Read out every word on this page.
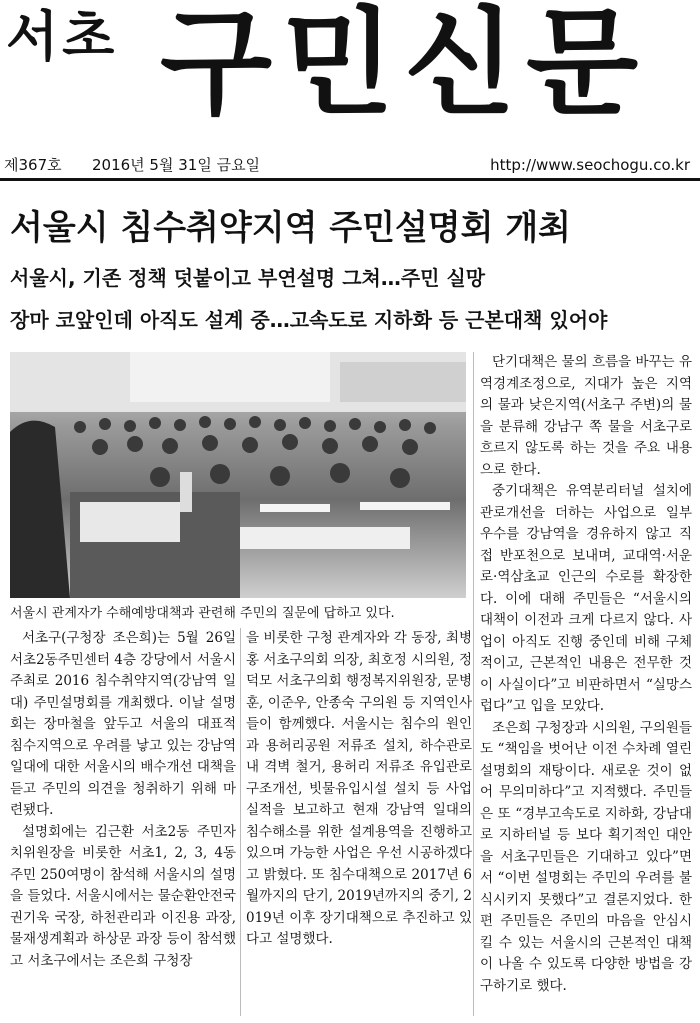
서초 구민신문
제367호 2016년 5월 31일 금요일	http://www.seochogu.co.kr
서울시 침수취약지역 주민설명회 개최
서울시, 기존 정책 덧붙이고 부연설명 그쳐…주민 실망
장마 코앞인데 아직도 설계 중…고속도로 지하화 등 근본대책 있어야
서울시 관계자가 수해예방대책과 관련해 주민의 질문에 답하고 있다.

서초구(구청장 조은희)는 5월 26일 서초2동주민센터 4층 강당에서 서울시 주최로 2016 침수취약지역(강남역 일대) 주민설명회를 개최했다. 이날 설명회는 장마철을 앞두고 서울의 대표적 침수지역으로 우려를 낳고 있는 강남역 일대에 대한 서울시의 배수개선 대책을 듣고 주민의 의견을 청취하기 위해 마련됐다.

설명회에는 김근환 서초2동 주민자치위원장을 비롯한 서초1, 2, 3, 4동 주민 250여명이 참석해 서울시의 설명을 들었다. 서울시에서는 물순환안전국 권기욱 국장, 하천관리과 이진용 과장, 물재생계획과 하상문 과장 등이 참석했고 서초구에서는 조은희 구청장

을 비롯한 구청 관계자와 각 동장, 최병홍 서초구의회 의장, 최호정 시의원, 정덕모 서초구의회 행정복지위원장, 문병훈, 이준우, 안종숙 구의원 등 지역인사들이 함께했다. 서울시는 침수의 원인과 용허리공원 저류조 설치, 하수관로 내 격벽 철거, 용허리 저류조 유입관로 구조개선, 빗물유입시설 설치 등 사업실적을 보고하고 현재 강남역 일대의 침수해소를 위한 설계용역을 진행하고 있으며 가능한 사업은 우선 시공하겠다고 밝혔다. 또 침수대책으로 2017년 6월까지의 단기, 2019년까지의 중기, 2019년 이후 장기대책으로 추진하고 있다고 설명했다.

단기대책은 물의 흐름을 바꾸는 유역경계조정으로, 지대가 높은 지역의 물과 낮은지역(서초구 주변)의 물을 분류해 강남구 쪽 물을 서초구로 흐르지 않도록 하는 것을 주요 내용으로 한다.

중기대책은 유역분리터널 설치에 관로개선을 더하는 사업으로 일부 우수를 강남역을 경유하지 않고 직접 반포천으로 보내며, 교대역·서운로·역삼초교 인근의 수로를 확장한다. 이에 대해 주민들은 “서울시의 대책이 이전과 크게 다르지 않다. 사업이 아직도 진행 중인데 비해 구체적이고, 근본적인 내용은 전무한 것이 사실이다”고 비판하면서 “실망스럽다”고 입을 모았다.

조은희 구청장과 시의원, 구의원들도 “책임을 벗어난 이전 수차례 열린 설명회의 재탕이다. 새로운 것이 없어 무의미하다”고 지적했다. 주민들은 또 “경부고속도로 지하화, 강남대로 지하터널 등 보다 획기적인 대안을 서초구민들은 기대하고 있다”면서 “이번 설명회는 주민의 우려를 불식시키지 못했다”고 결론지었다. 한편 주민들은 주민의 마음을 안심시킬 수 있는 서울시의 근본적인 대책이 나올 수 있도록 다양한 방법을 강구하기로 했다.
